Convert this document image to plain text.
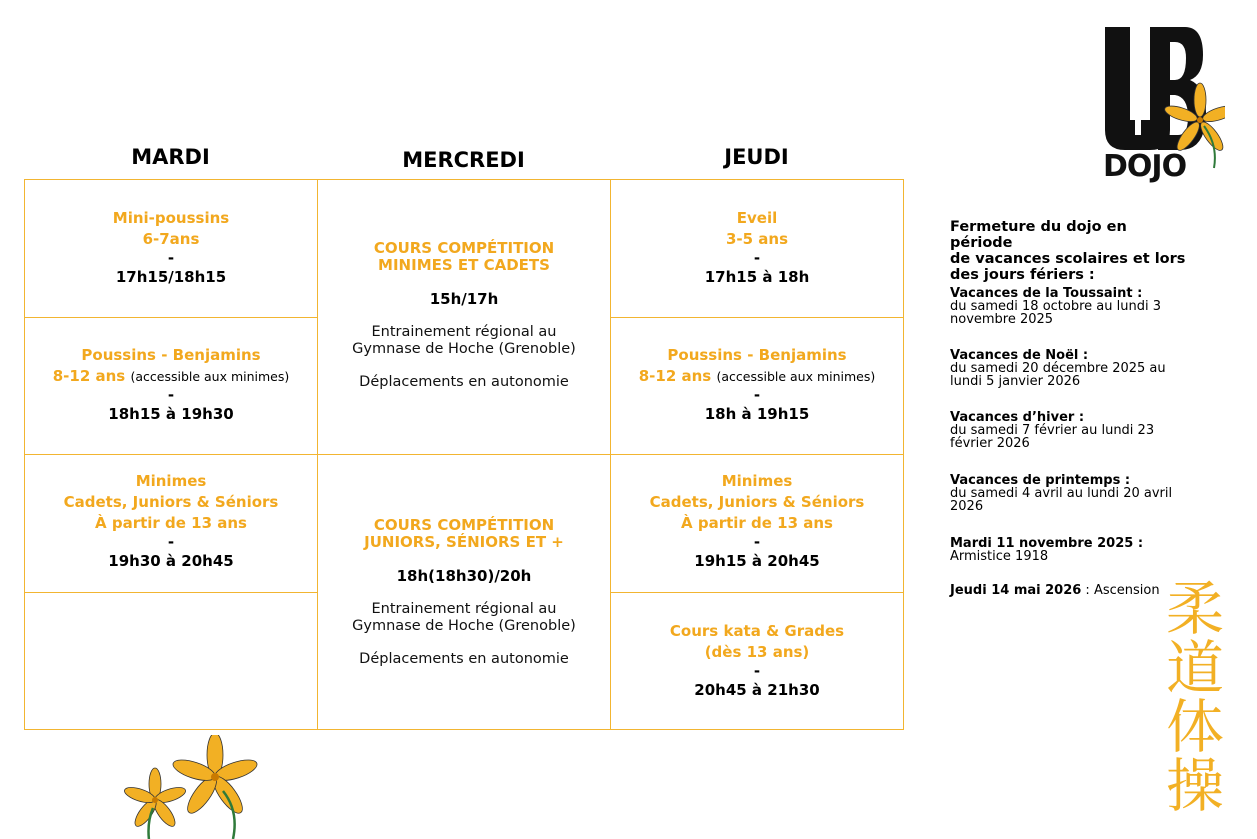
DOJO
MARDI	MERCREDI	JEUDI
Mini-poussins
6-7ans
-
17h15/18h15
Poussins - Benjamins
8-12 ans (accessible aux minimes)
-
18h15 à 19h30
Minimes
Cadets, Juniors & Séniors
À partir de 13 ans
-
19h30 à 20h45
COURS COMPÉTITION
MINIMES ET CADETS
15h/17h
Entrainement régional au
Gymnase de Hoche (Grenoble)
Déplacements en autonomie
COURS COMPÉTITION
JUNIORS, SÉNIORS ET +
18h(18h30)/20h
Entrainement régional au
Gymnase de Hoche (Grenoble)
Déplacements en autonomie
Eveil
3-5 ans
-
17h15 à 18h
Poussins - Benjamins
8-12 ans (accessible aux minimes)
-
18h à 19h15
Minimes
Cadets, Juniors & Séniors
À partir de 13 ans
-
19h15 à 20h45
Cours kata & Grades
(dès 13 ans)
-
20h45 à 21h30
Fermeture du dojo en période
de vacances scolaires et lors
des jours fériers :
Vacances de la Toussaint :
du samedi 18 octobre au lundi 3
novembre 2025
Vacances de Noël :
du samedi 20 décembre 2025 au
lundi 5 janvier 2026
Vacances d’hiver :
du samedi 7 février au lundi 23
février 2026
Vacances de printemps :
du samedi 4 avril au lundi 20 avril
2026
Mardi 11 novembre 2025 :
Armistice 1918
Jeudi 14 mai 2026 : Ascension 柔
道
体
操
